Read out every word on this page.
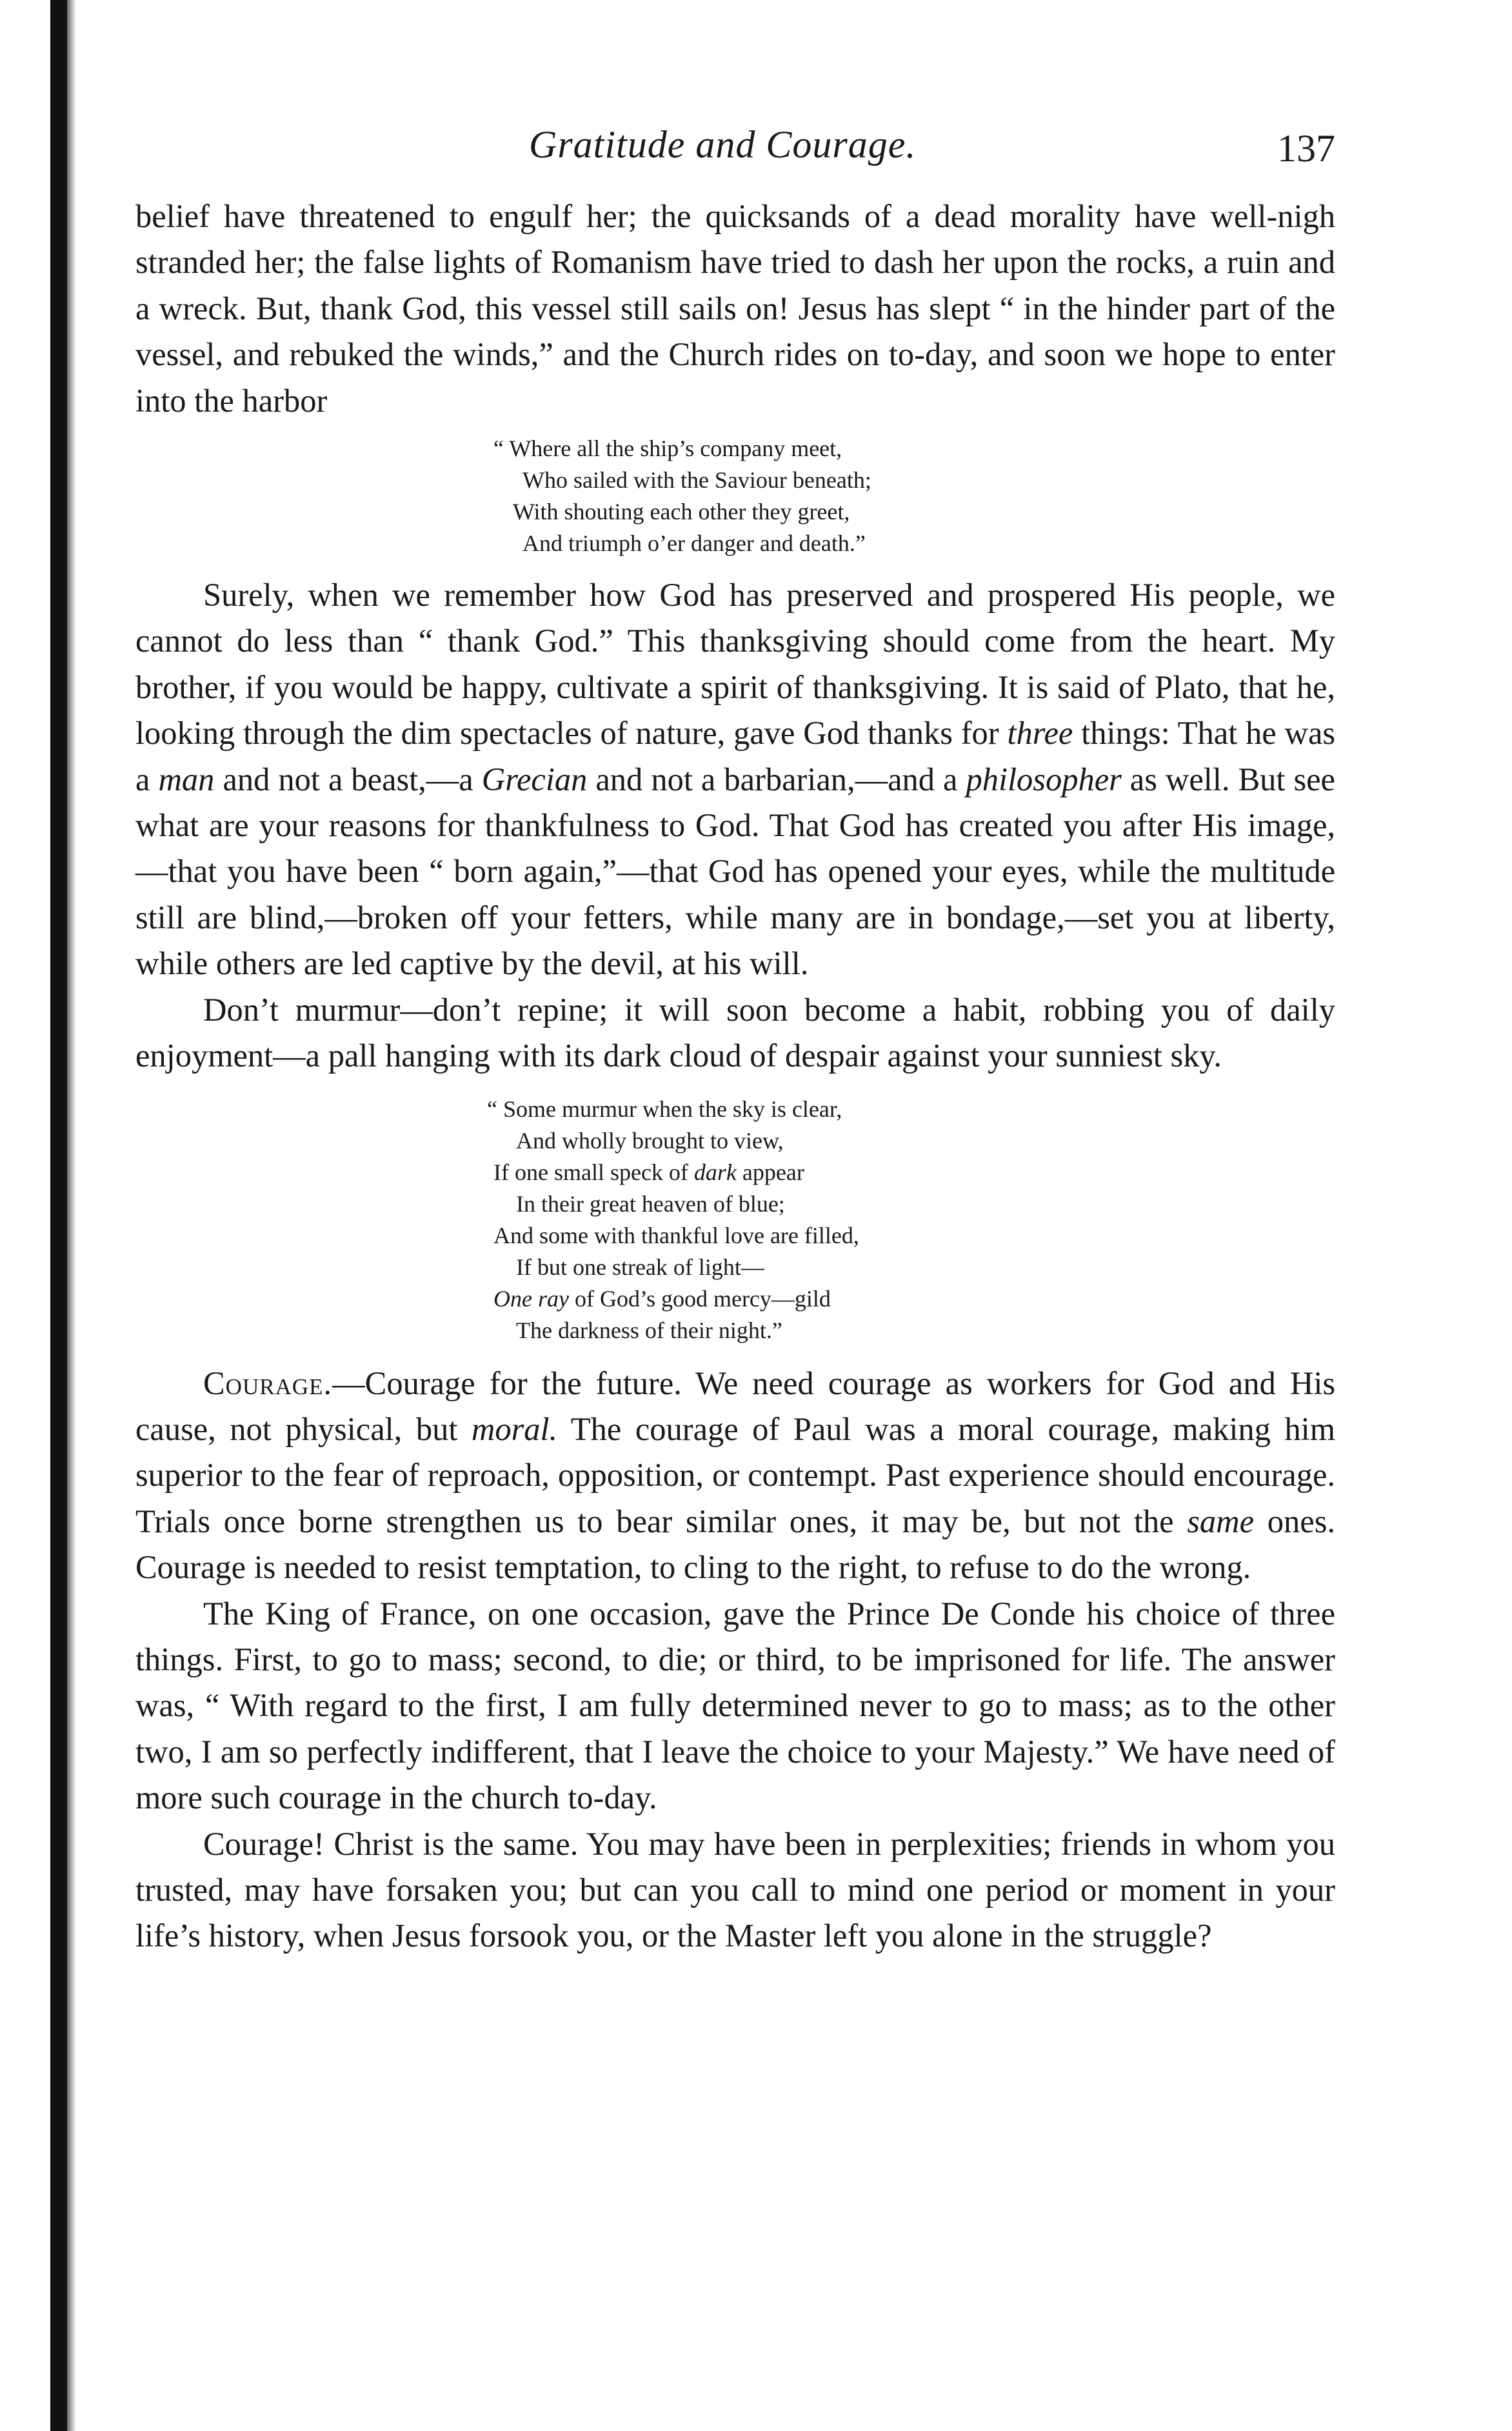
Gratitude and Courage.	137

belief have threatened to engulf her; the quicksands of a dead morality have well-nigh stranded her; the false lights of Romanism have tried to dash her upon the rocks, a ruin and a wreck. But, thank God, this vessel still sails on! Jesus has slept “ in the hinder part of the vessel, and rebuked the winds,” and the Church rides on to-day, and soon we hope to enter into the harbor

“ Where all the ship’s company meet,
Who sailed with the Saviour beneath;
With shouting each other they greet,
And triumph o’er danger and death.”

Surely, when we remember how God has preserved and prospered His people, we cannot do less than “ thank God.” This thanksgiving should come from the heart. My brother, if you would be happy, cultivate a spirit of thanksgiving. It is said of Plato, that he, looking through the dim spectacles of nature, gave God thanks for three things: That he was a man and not a beast,—a Grecian and not a barbarian,—and a philosopher as well. But see what are your reasons for thankfulness to God. That God has created you after His image,—that you have been “ born again,”—that God has opened your eyes, while the multitude still are blind,—broken off your fetters, while many are in bondage,—set you at liberty, while others are led captive by the devil, at his will.

Don’t murmur—don’t repine; it will soon become a habit, robbing you of daily enjoyment—a pall hanging with its dark cloud of despair against your sunniest sky.

“ Some murmur when the sky is clear,
And wholly brought to view,
If one small speck of dark appear
In their great heaven of blue;
And some with thankful love are filled,
If but one streak of light—
One ray of God’s good mercy—gild
The darkness of their night.”

Courage.—Courage for the future. We need courage as workers for God and His cause, not physical, but moral. The courage of Paul was a moral courage, making him superior to the fear of reproach, opposition, or contempt. Past experience should encourage. Trials once borne strengthen us to bear similar ones, it may be, but not the same ones. Courage is needed to resist temptation, to cling to the right, to refuse to do the wrong.

The King of France, on one occasion, gave the Prince De Conde his choice of three things. First, to go to mass; second, to die; or third, to be imprisoned for life. The answer was, “ With regard to the first, I am fully determined never to go to mass; as to the other two, I am so perfectly indifferent, that I leave the choice to your Majesty.” We have need of more such courage in the church to-day.

Courage! Christ is the same. You may have been in perplexities; friends in whom you trusted, may have forsaken you; but can you call to mind one period or moment in your life’s history, when Jesus forsook you, or the Master left you alone in the struggle?
